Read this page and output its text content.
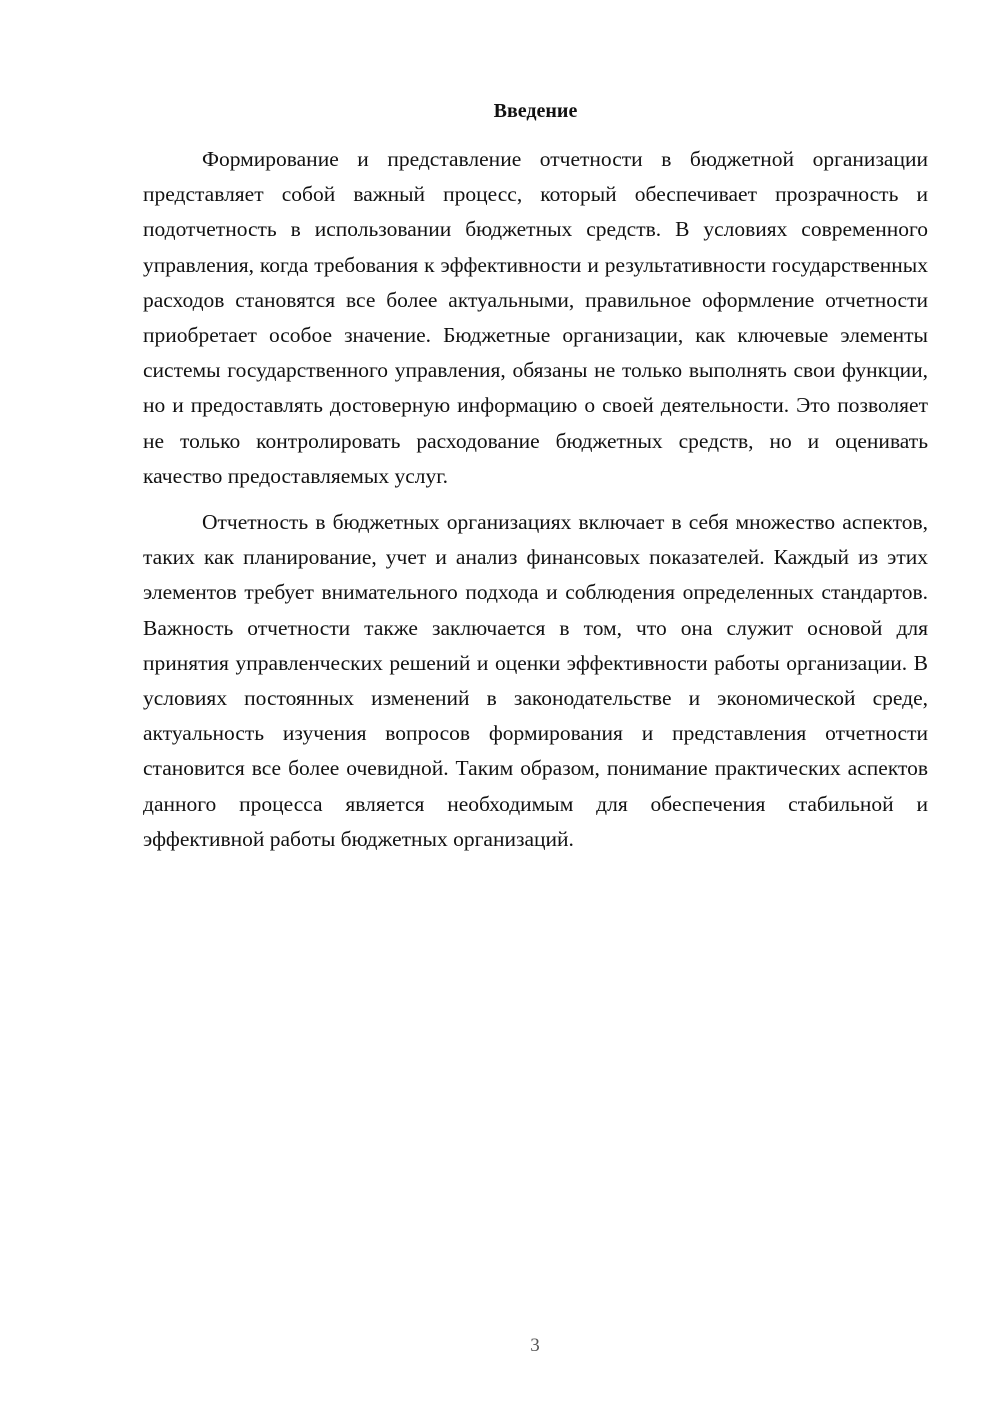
Введение

Формирование и представление отчетности в бюджетной организации представляет собой важный процесс, который обеспечивает прозрачность и подотчетность в использовании бюджетных средств. В условиях современного управления, когда требования к эффективности и результативности государственных расходов становятся все более актуальными, правильное оформление отчетности приобретает особое значение. Бюджетные организации, как ключевые элементы системы государственного управления, обязаны не только выполнять свои функции, но и предоставлять достоверную информацию о своей деятельности. Это позволяет не только контролировать расходование бюджетных средств, но и оценивать качество предоставляемых услуг.

Отчетность в бюджетных организациях включает в себя множество аспектов, таких как планирование, учет и анализ финансовых показателей. Каждый из этих элементов требует внимательного подхода и соблюдения определенных стандартов. Важность отчетности также заключается в том, что она служит основой для принятия управленческих решений и оценки эффективности работы организации. В условиях постоянных изменений в законодательстве и экономической среде, актуальность изучения вопросов формирования и представления отчетности становится все более очевидной. Таким образом, понимание практических аспектов данного процесса является необходимым для обеспечения стабильной и эффективной работы бюджетных организаций.

3
